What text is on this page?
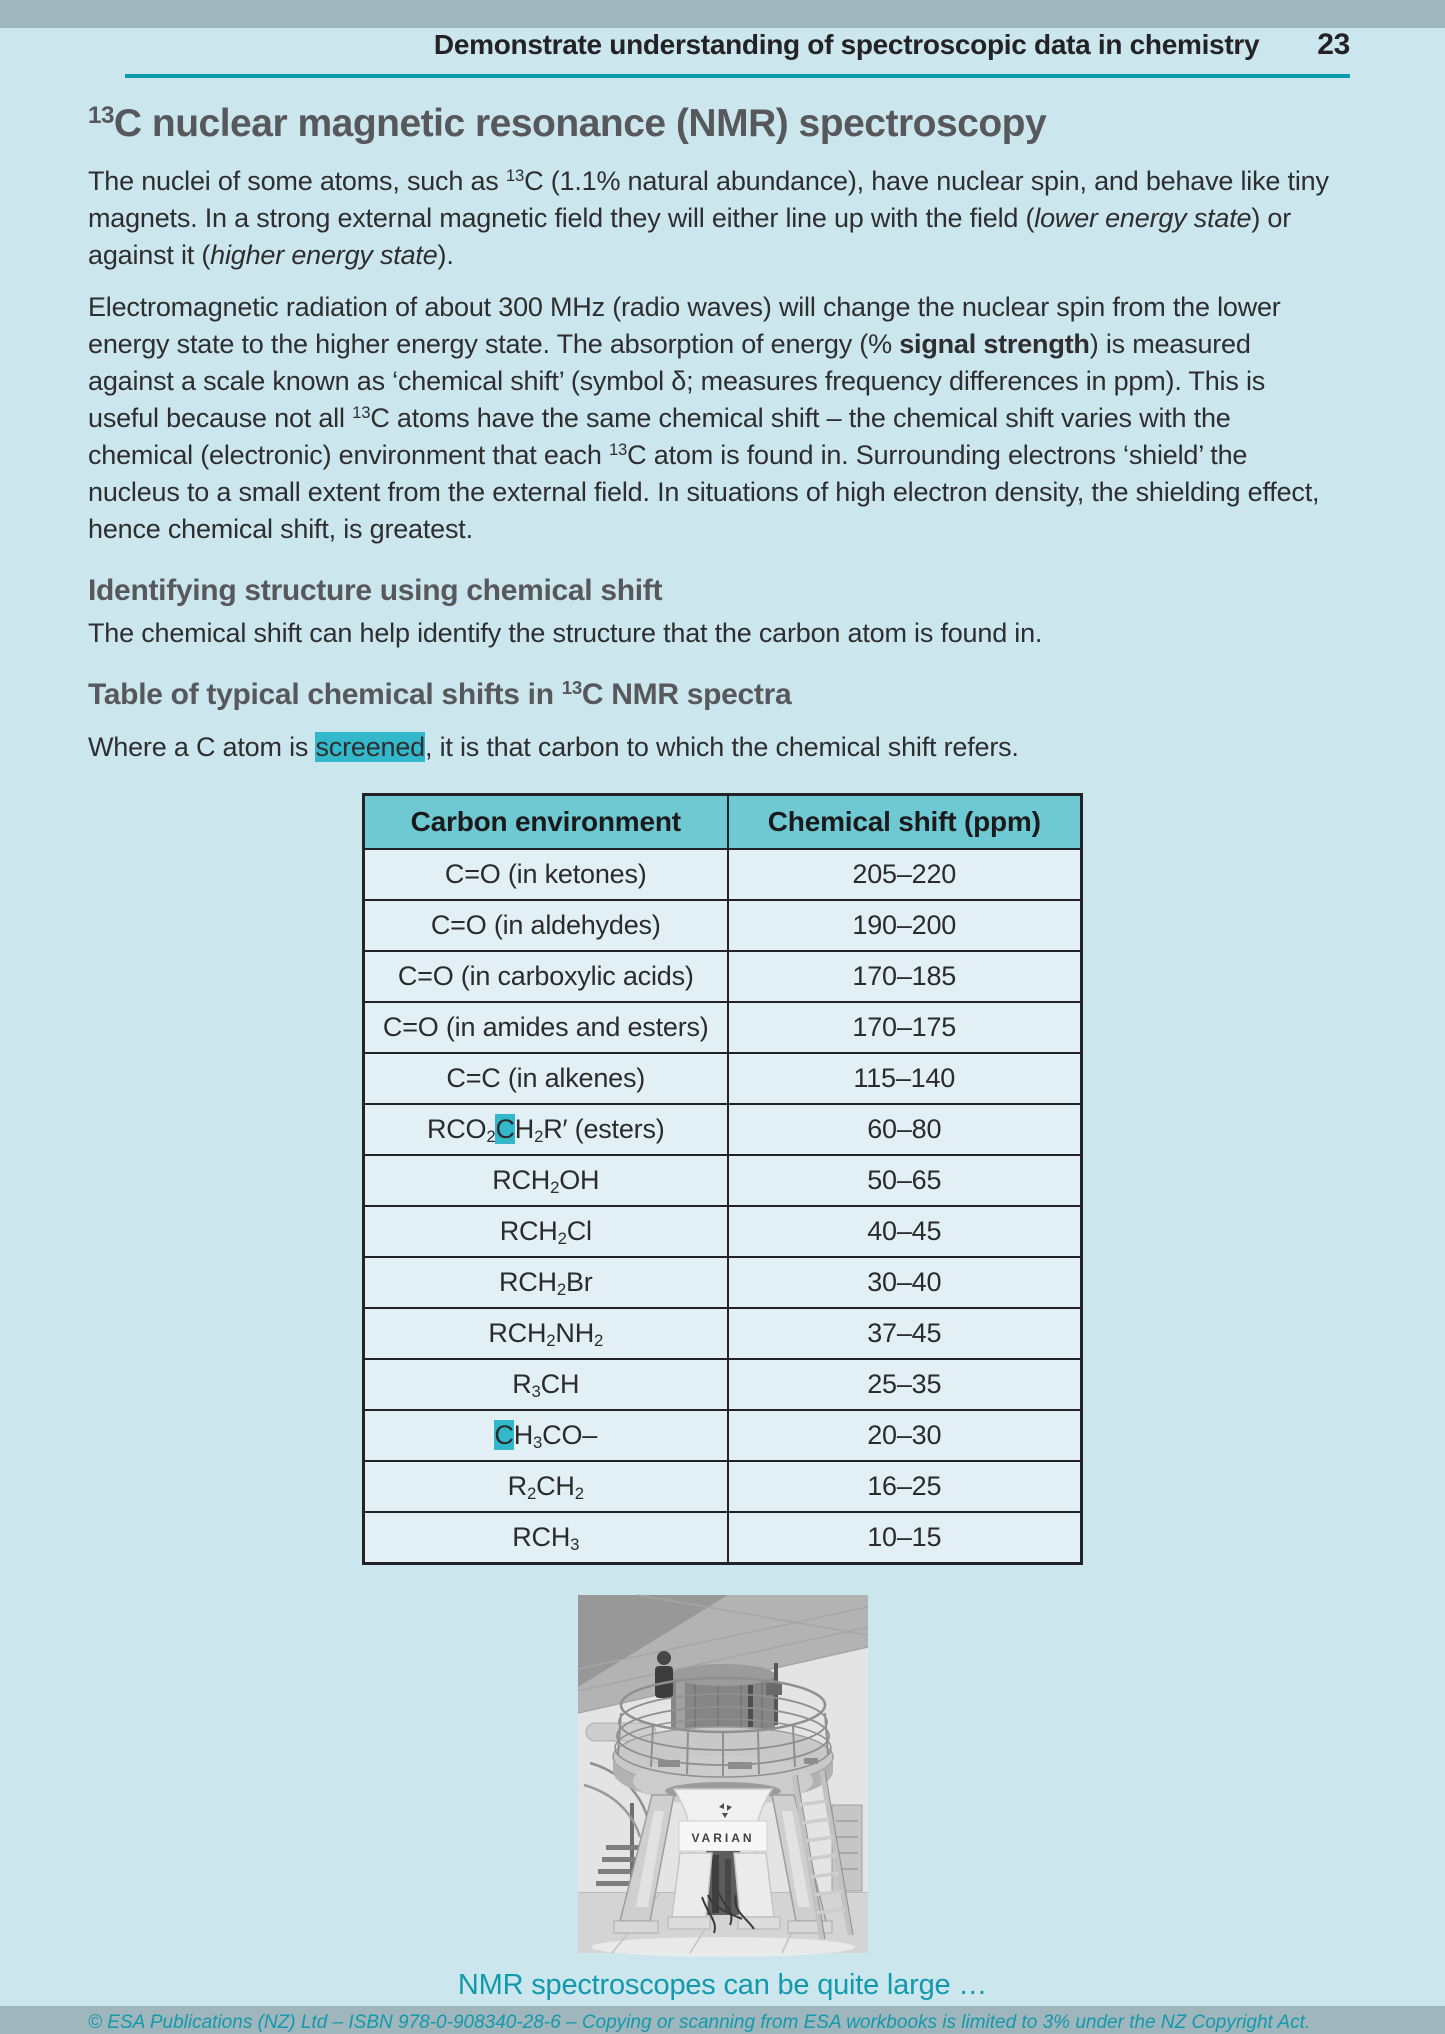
Demonstrate understanding of spectroscopic data in chemistry 23
$^{13}$C nuclear magnetic resonance (NMR) spectroscopy

The nuclei of some atoms, such as $^{13}$C (1.1% natural abundance), have nuclear spin, and behave like tiny magnets. In a strong external magnetic field they will either line up with the field (lower energy state) or against it (higher energy state).

Electromagnetic radiation of about 300 MHz (radio waves) will change the nuclear spin from the lower energy state to the higher energy state. The absorption of energy (% signal strength) is measured against a scale known as ‘chemical shift’ (symbol δ; measures frequency differences in ppm). This is useful because not all $^{13}$C atoms have the same chemical shift – the chemical shift varies with the chemical (electronic) environment that each $^{13}$C atom is found in. Surrounding electrons ‘shield’ the nucleus to a small extent from the external field. In situations of high electron density, the shielding effect, hence chemical shift, is greatest.

Identifying structure using chemical shift

The chemical shift can help identify the structure that the carbon atom is found in.

Table of typical chemical shifts in $^{13}$C NMR spectra

Where a C atom is screened, it is that carbon to which the chemical shift refers.

Carbon environment	Chemical shift (ppm)
C=O (in ketones)	205–220
C=O (in aldehydes)	190–200
C=O (in carboxylic acids)	170–185
C=O (in amides and esters)	170–175
C=C (in alkenes)	115–140
$RCO_2CH_2R'$ (esters)	60–80
$RCH_2OH$	50–65
$RCH_2Cl$	40–45
$RCH_2Br$	30–40
$RCH_2NH_2$	37–45
$R_3CH$	25–35
$CH_3CO-$	20–30
$R_2CH_2$	16–25
$RCH_3$	10–15
VARIAN

NMR spectroscopes can be quite large …

© ESA Publications (NZ) Ltd – ISBN 978-0-908340-28-6 – Copying or scanning from ESA workbooks is limited to 3% under the NZ Copyright Act.
